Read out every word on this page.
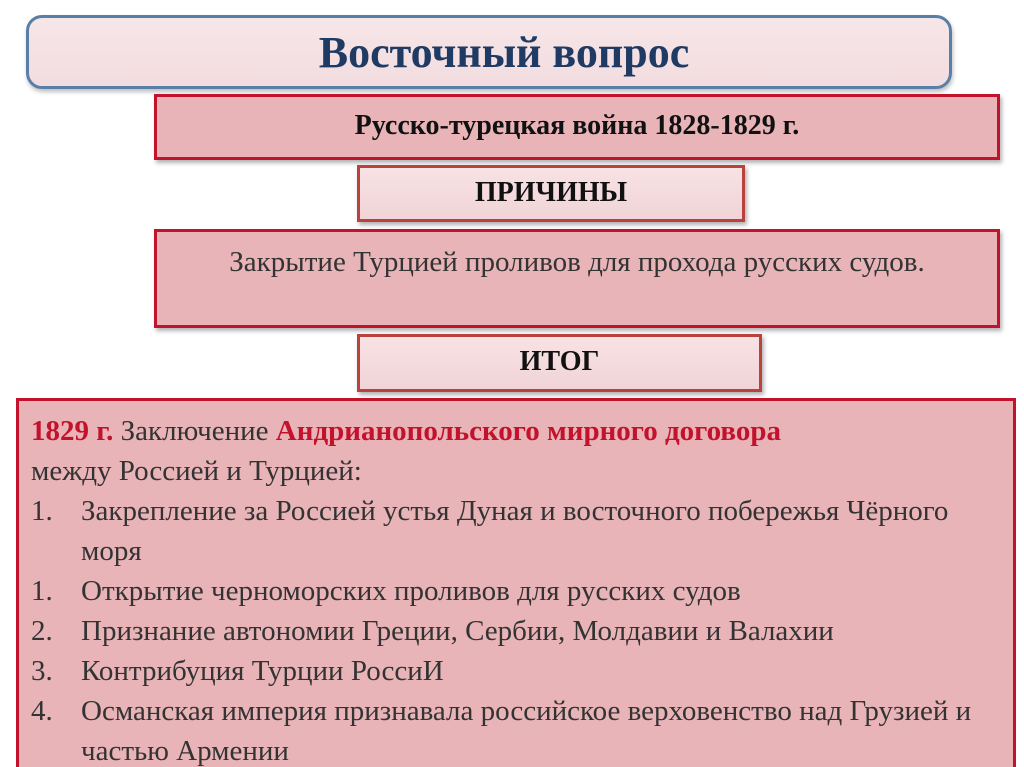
Восточный вопрос
Русско-турецкая война 1828-1829 г.
ПРИЧИНЫ
Закрытие Турцией проливов для прохода русских судов.
ИТОГ

1829 г. Заключение Андрианопольского мирного договора
между Россией и Турцией:

1. Закрепление за Россией устья Дуная и восточного побережья Чёрного моря
1. Открытие черноморских проливов для русских судов
2. Признание автономии Греции, Сербии, Молдавии и Валахии
3. Контрибуция Турции РоссиИ
4. Османская империя признавала российское верховенство над Грузией и частью Армении
